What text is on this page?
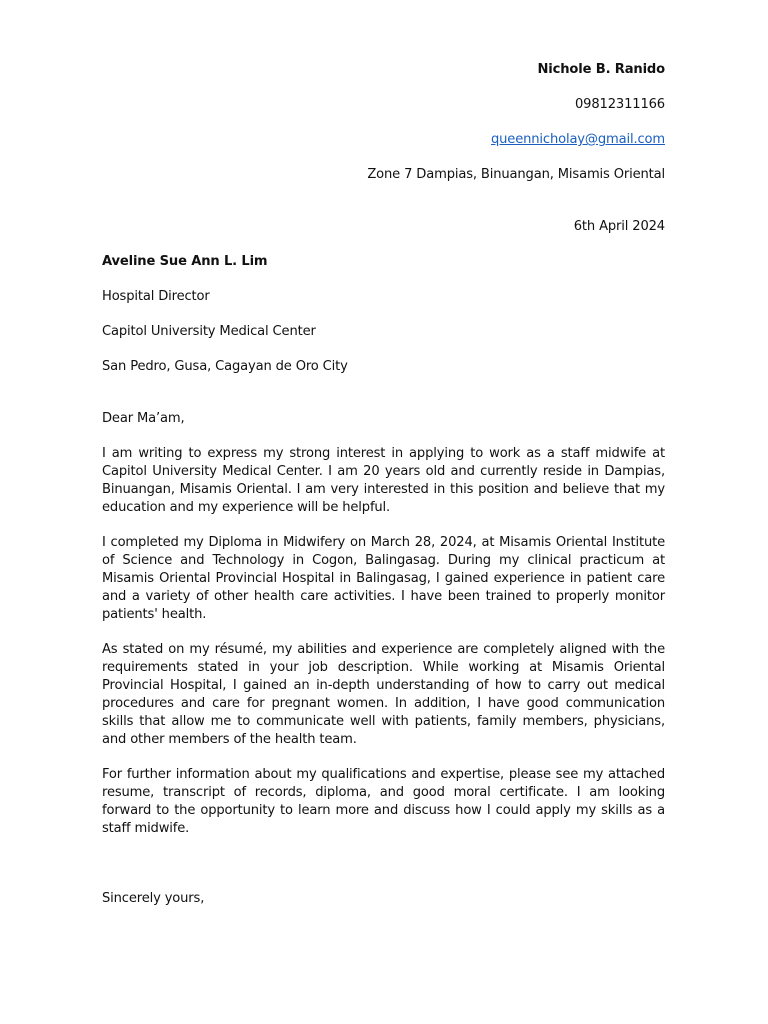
Nichole B. Ranido

09812311166

queennicholay@gmail.com

Zone 7 Dampias, Binuangan, Misamis Oriental

6th April 2024

Aveline Sue Ann L. Lim

Hospital Director

Capitol University Medical Center

San Pedro, Gusa, Cagayan de Oro City

Dear Ma’am,

I am writing to express my strong interest in applying to work as a staff midwife at Capitol University Medical Center. I am 20 years old and currently reside in Dampias, Binuangan, Misamis Oriental. I am very interested in this position and believe that my education and my experience will be helpful.

I completed my Diploma in Midwifery on March 28, 2024, at Misamis Oriental Institute of Science and Technology in Cogon, Balingasag. During my clinical practicum at Misamis Oriental Provincial Hospital in Balingasag, I gained experience in patient care and a variety of other health care activities. I have been trained to properly monitor patients' health.

As stated on my résumé, my abilities and experience are completely aligned with the requirements stated in your job description. While working at Misamis Oriental Provincial Hospital, I gained an in-depth understanding of how to carry out medical procedures and care for pregnant women. In addition, I have good communication skills that allow me to communicate well with patients, family members, physicians, and other members of the health team.

For further information about my qualifications and expertise, please see my attached resume, transcript of records, diploma, and good moral certificate. I am looking forward to the opportunity to learn more and discuss how I could apply my skills as a staff midwife.

Sincerely yours,
